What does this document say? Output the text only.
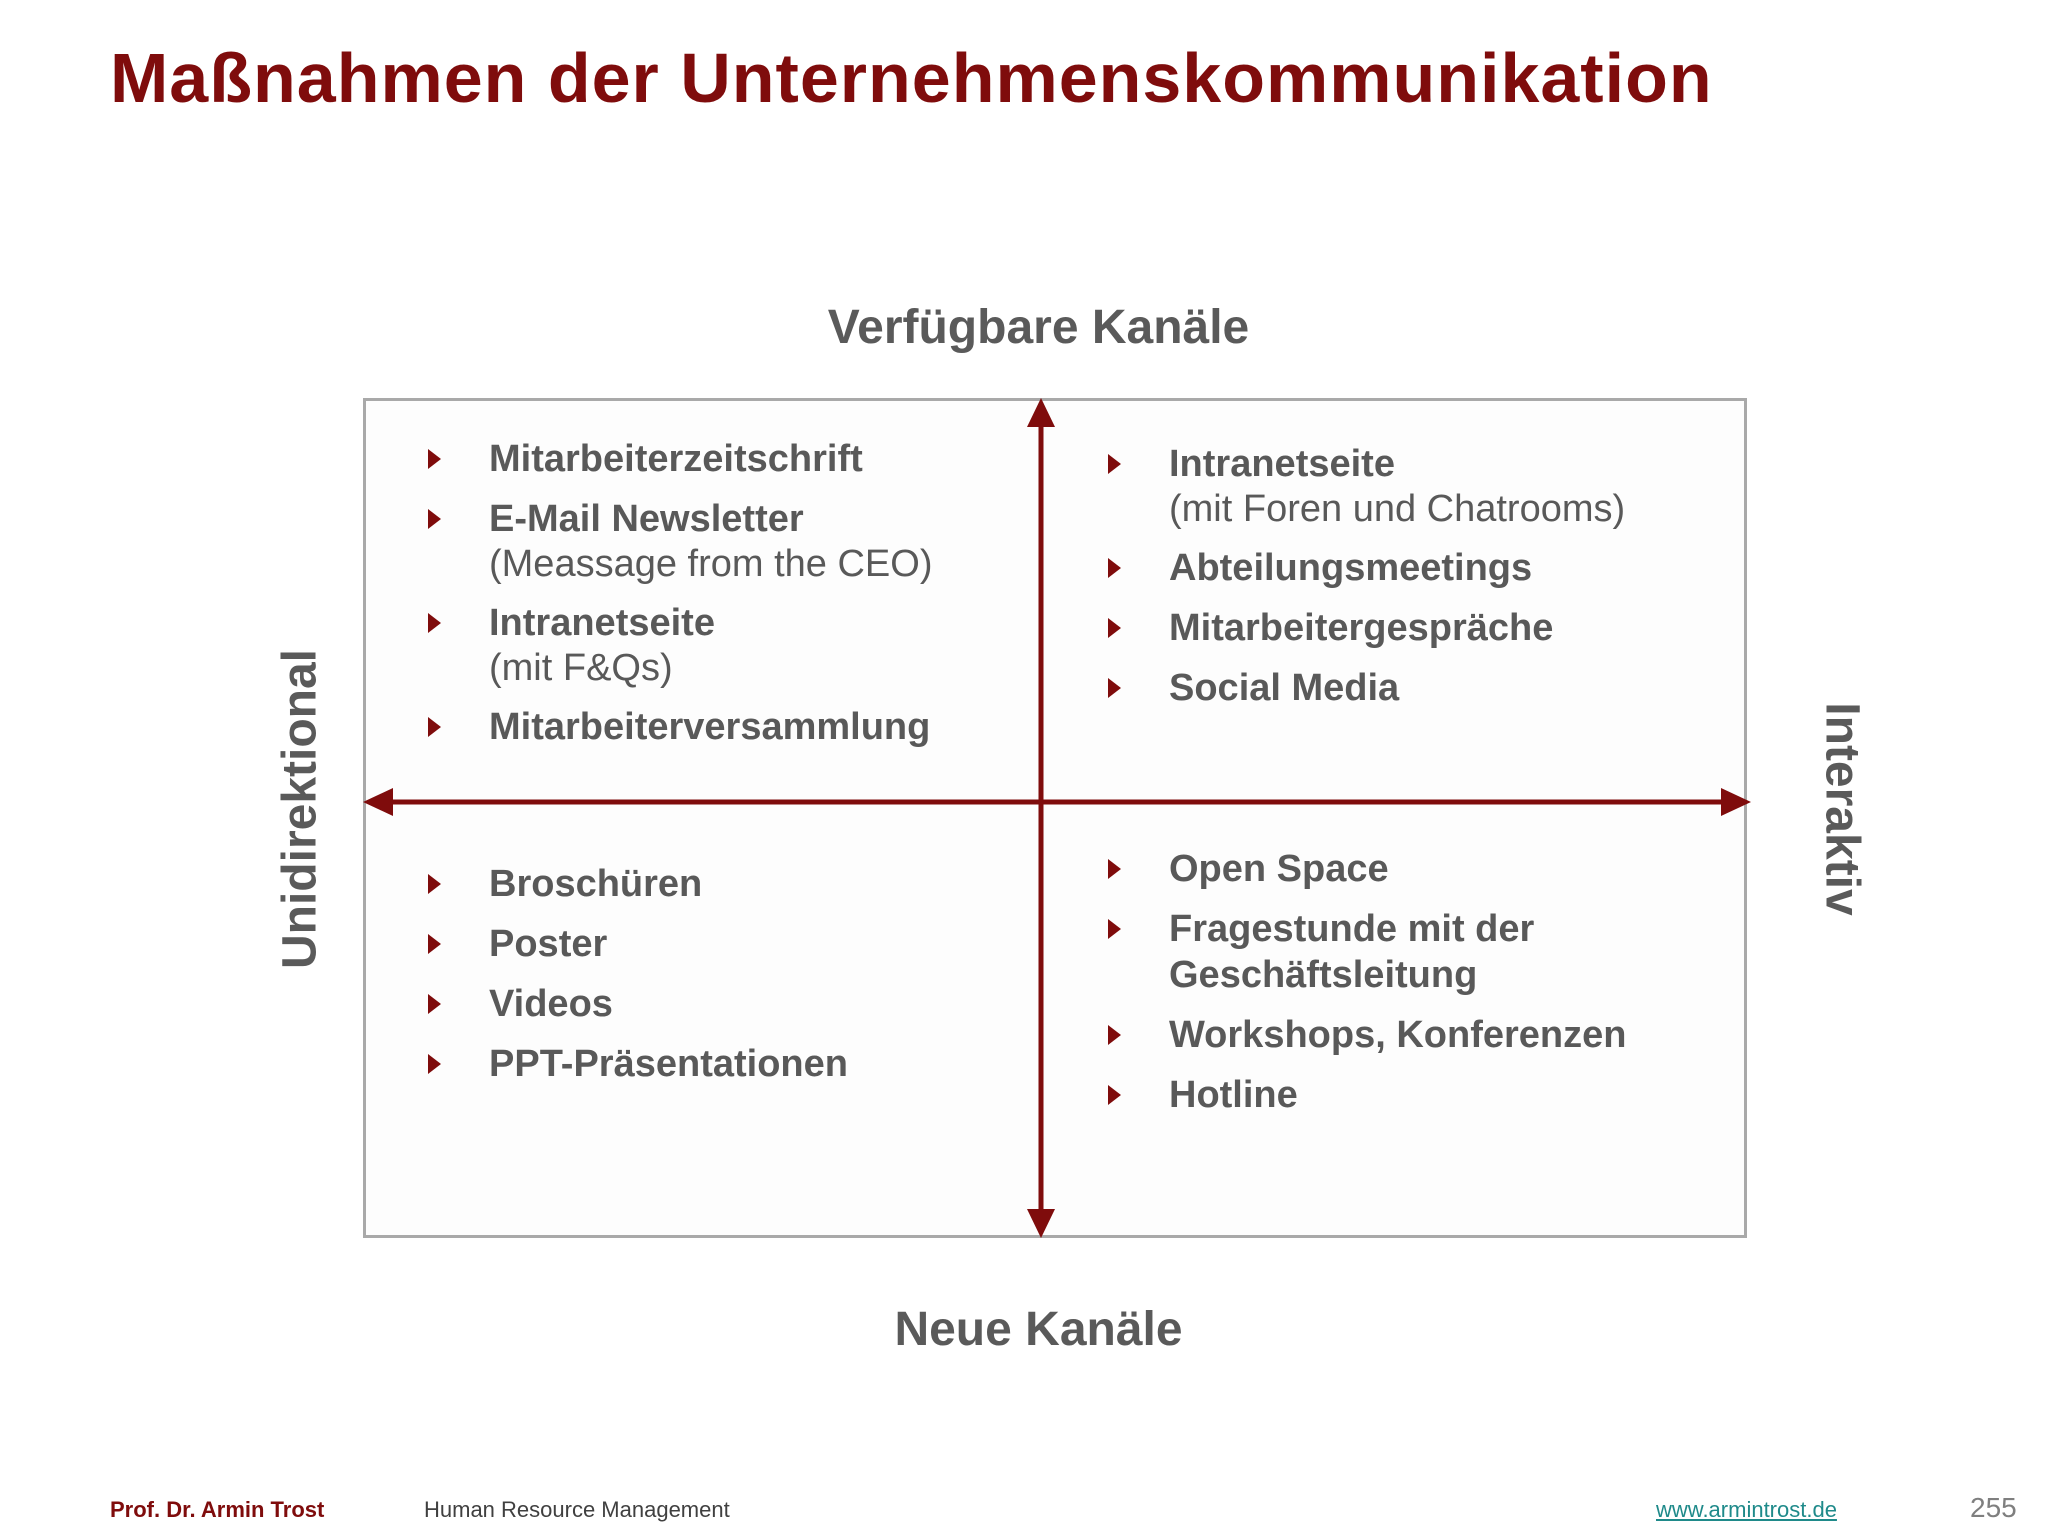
Maßnahmen der Unternehmenskommunikation
Verfügbare Kanäle
Neue Kanäle
Unidirektional	Interaktiv
Mitarbeiterzeitschrift
E-Mail Newsletter
(Meassage from the CEO)
Intranetseite
(mit F&Qs)
Mitarbeiterversammlung
Intranetseite
(mit Foren und Chatrooms)
Abteilungsmeetings
Mitarbeitergespräche
Social Media
Broschüren
Poster
Videos
PPT-Präsentationen
Open Space
Fragestunde mit der
Geschäftsleitung
Workshops, Konferenzen
Hotline
Prof. Dr. Armin Trost	Human Resource Management	www.armintrost.de	255
